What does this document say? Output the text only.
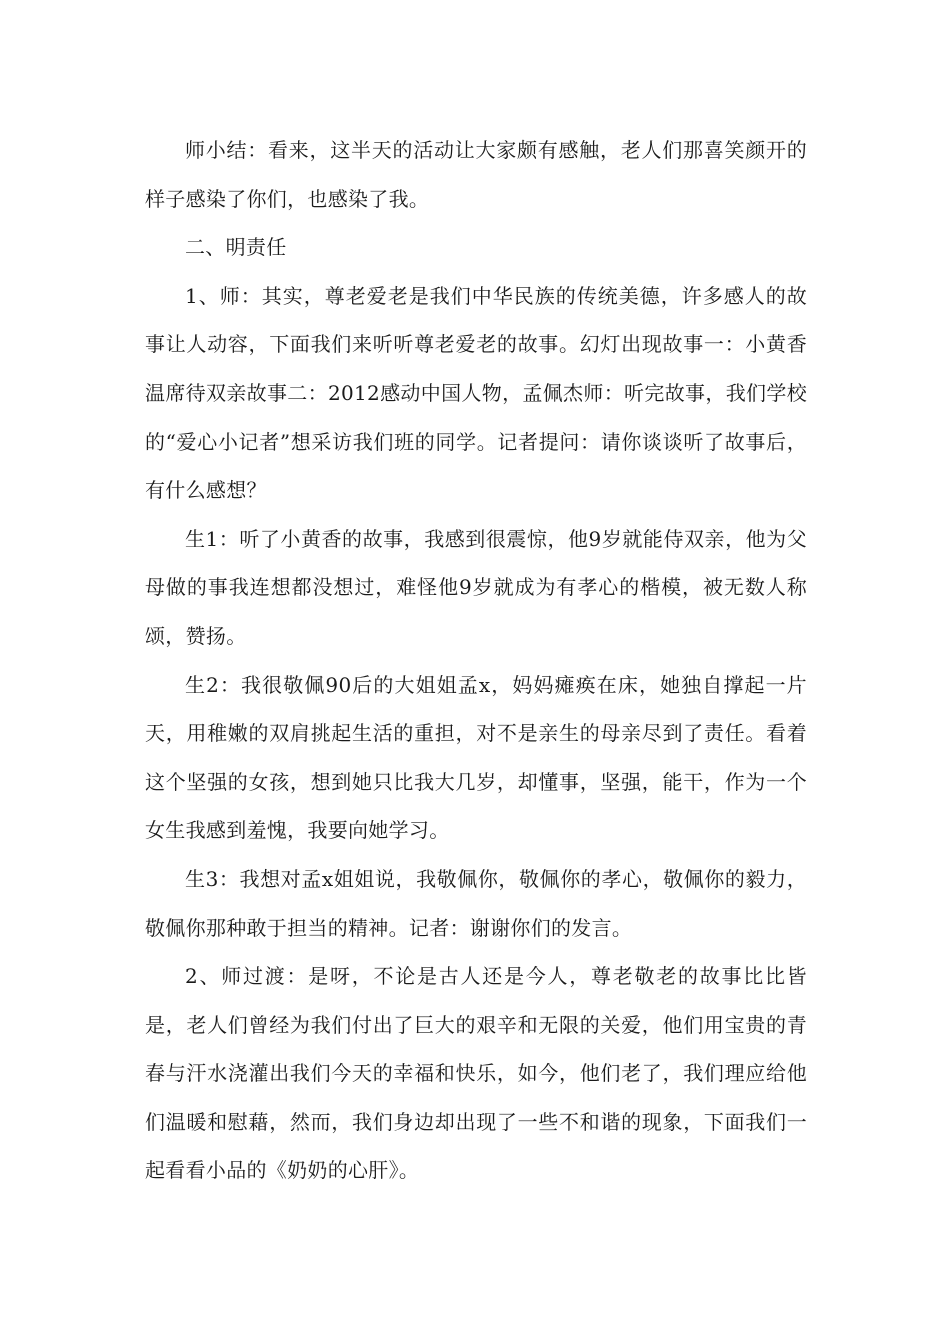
师小结：看来，这半天的活动让大家颇有感触，老人们那喜笑颜开的样子感染了你们，也感染了我。

二、明责任

1、师：其实，尊老爱老是我们中华民族的传统美德，许多感人的故事让人动容，下面我们来听听尊老爱老的故事。幻灯出现故事一：小黄香温席待双亲故事二：2012感动中国人物，孟佩杰师：听完故事，我们学校的“爱心小记者”想采访我们班的同学。记者提问：请你谈谈听了故事后，有什么感想？

生1：听了小黄香的故事，我感到很震惊，他9岁就能侍双亲，他为父母做的事我连想都没想过，难怪他9岁就成为有孝心的楷模，被无数人称颂，赞扬。

生2：我很敬佩90后的大姐姐孟x，妈妈瘫痪在床，她独自撑起一片天，用稚嫩的双肩挑起生活的重担，对不是亲生的母亲尽到了责任。看着这个坚强的女孩，想到她只比我大几岁，却懂事，坚强，能干，作为一个女生我感到羞愧，我要向她学习。

生3：我想对孟x姐姐说，我敬佩你，敬佩你的孝心，敬佩你的毅力，敬佩你那种敢于担当的精神。记者：谢谢你们的发言。

2、师过渡：是呀，不论是古人还是今人，尊老敬老的故事比比皆是，老人们曾经为我们付出了巨大的艰辛和无限的关爱，他们用宝贵的青春与汗水浇灌出我们今天的幸福和快乐，如今，他们老了，我们理应给他们温暖和慰藉，然而，我们身边却出现了一些不和谐的现象，下面我们一起看看小品的《奶奶的心肝》。
